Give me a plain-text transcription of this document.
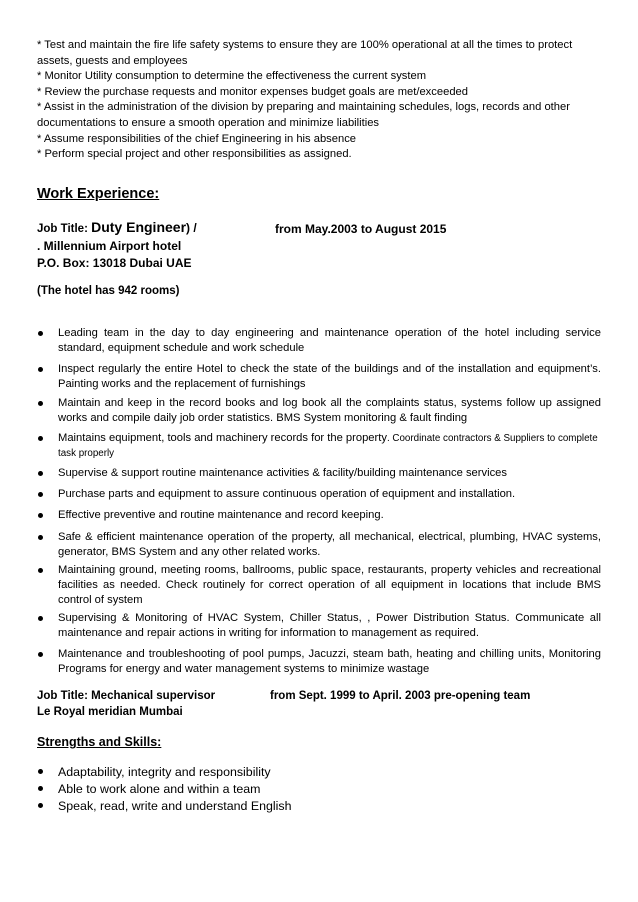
* Test and maintain the fire life safety systems to ensure they are 100% operational at all the times to protect assets, guests and employees

* Monitor Utility consumption to determine the effectiveness the current system

* Review the purchase requests and monitor expenses budget goals are met/exceeded

* Assist in the administration of the division by preparing and maintaining schedules, logs, records and other documentations to ensure a smooth operation and minimize liabilities

* Assume responsibilities of the chief Engineering in his absence

* Perform special project and other responsibilities as assigned.

Work Experience:
Job Title: Duty Engineer) /	from May.2003 to August 2015
. Millennium Airport hotel
P.O. Box: 13018 Dubai UAE
(The hotel has 942 rooms)
Leading team in the day to day engineering and maintenance operation of the hotel including service standard, equipment schedule and work schedule
Inspect regularly the entire Hotel to check the state of the buildings and of the installation and equipment’s. Painting works and the replacement of furnishings
Maintain and keep in the record books and log book all the complaints status, systems follow up assigned works and compile daily job order statistics. BMS System monitoring & fault finding
Maintains equipment, tools and machinery records for the property. Coordinate contractors & Suppliers to complete task properly
Supervise & support routine maintenance activities & facility/building maintenance services
Purchase parts and equipment to assure continuous operation of equipment and installation.
Effective preventive and routine maintenance and record keeping.
Safe & efficient maintenance operation of the property, all mechanical, electrical, plumbing, HVAC systems, generator, BMS System and any other related works.
Maintaining ground, meeting rooms, ballrooms, public space, restaurants, property vehicles and recreational facilities as needed. Check routinely for correct operation of all equipment in locations that include BMS control of system
Supervising & Monitoring of HVAC System, Chiller Status, , Power Distribution Status. Communicate all maintenance and repair actions in writing for information to management as required.
Maintenance and troubleshooting of pool pumps, Jacuzzi, steam bath, heating and chilling units, Monitoring Programs for energy and water management systems to minimize wastage
Job Title: Mechanical supervisor	from Sept. 1999 to April. 2003 pre-opening team
Le Royal meridian Mumbai
Strengths and Skills:
Adaptability, integrity and responsibility
Able to work alone and within a team
Speak, read, write and understand English
